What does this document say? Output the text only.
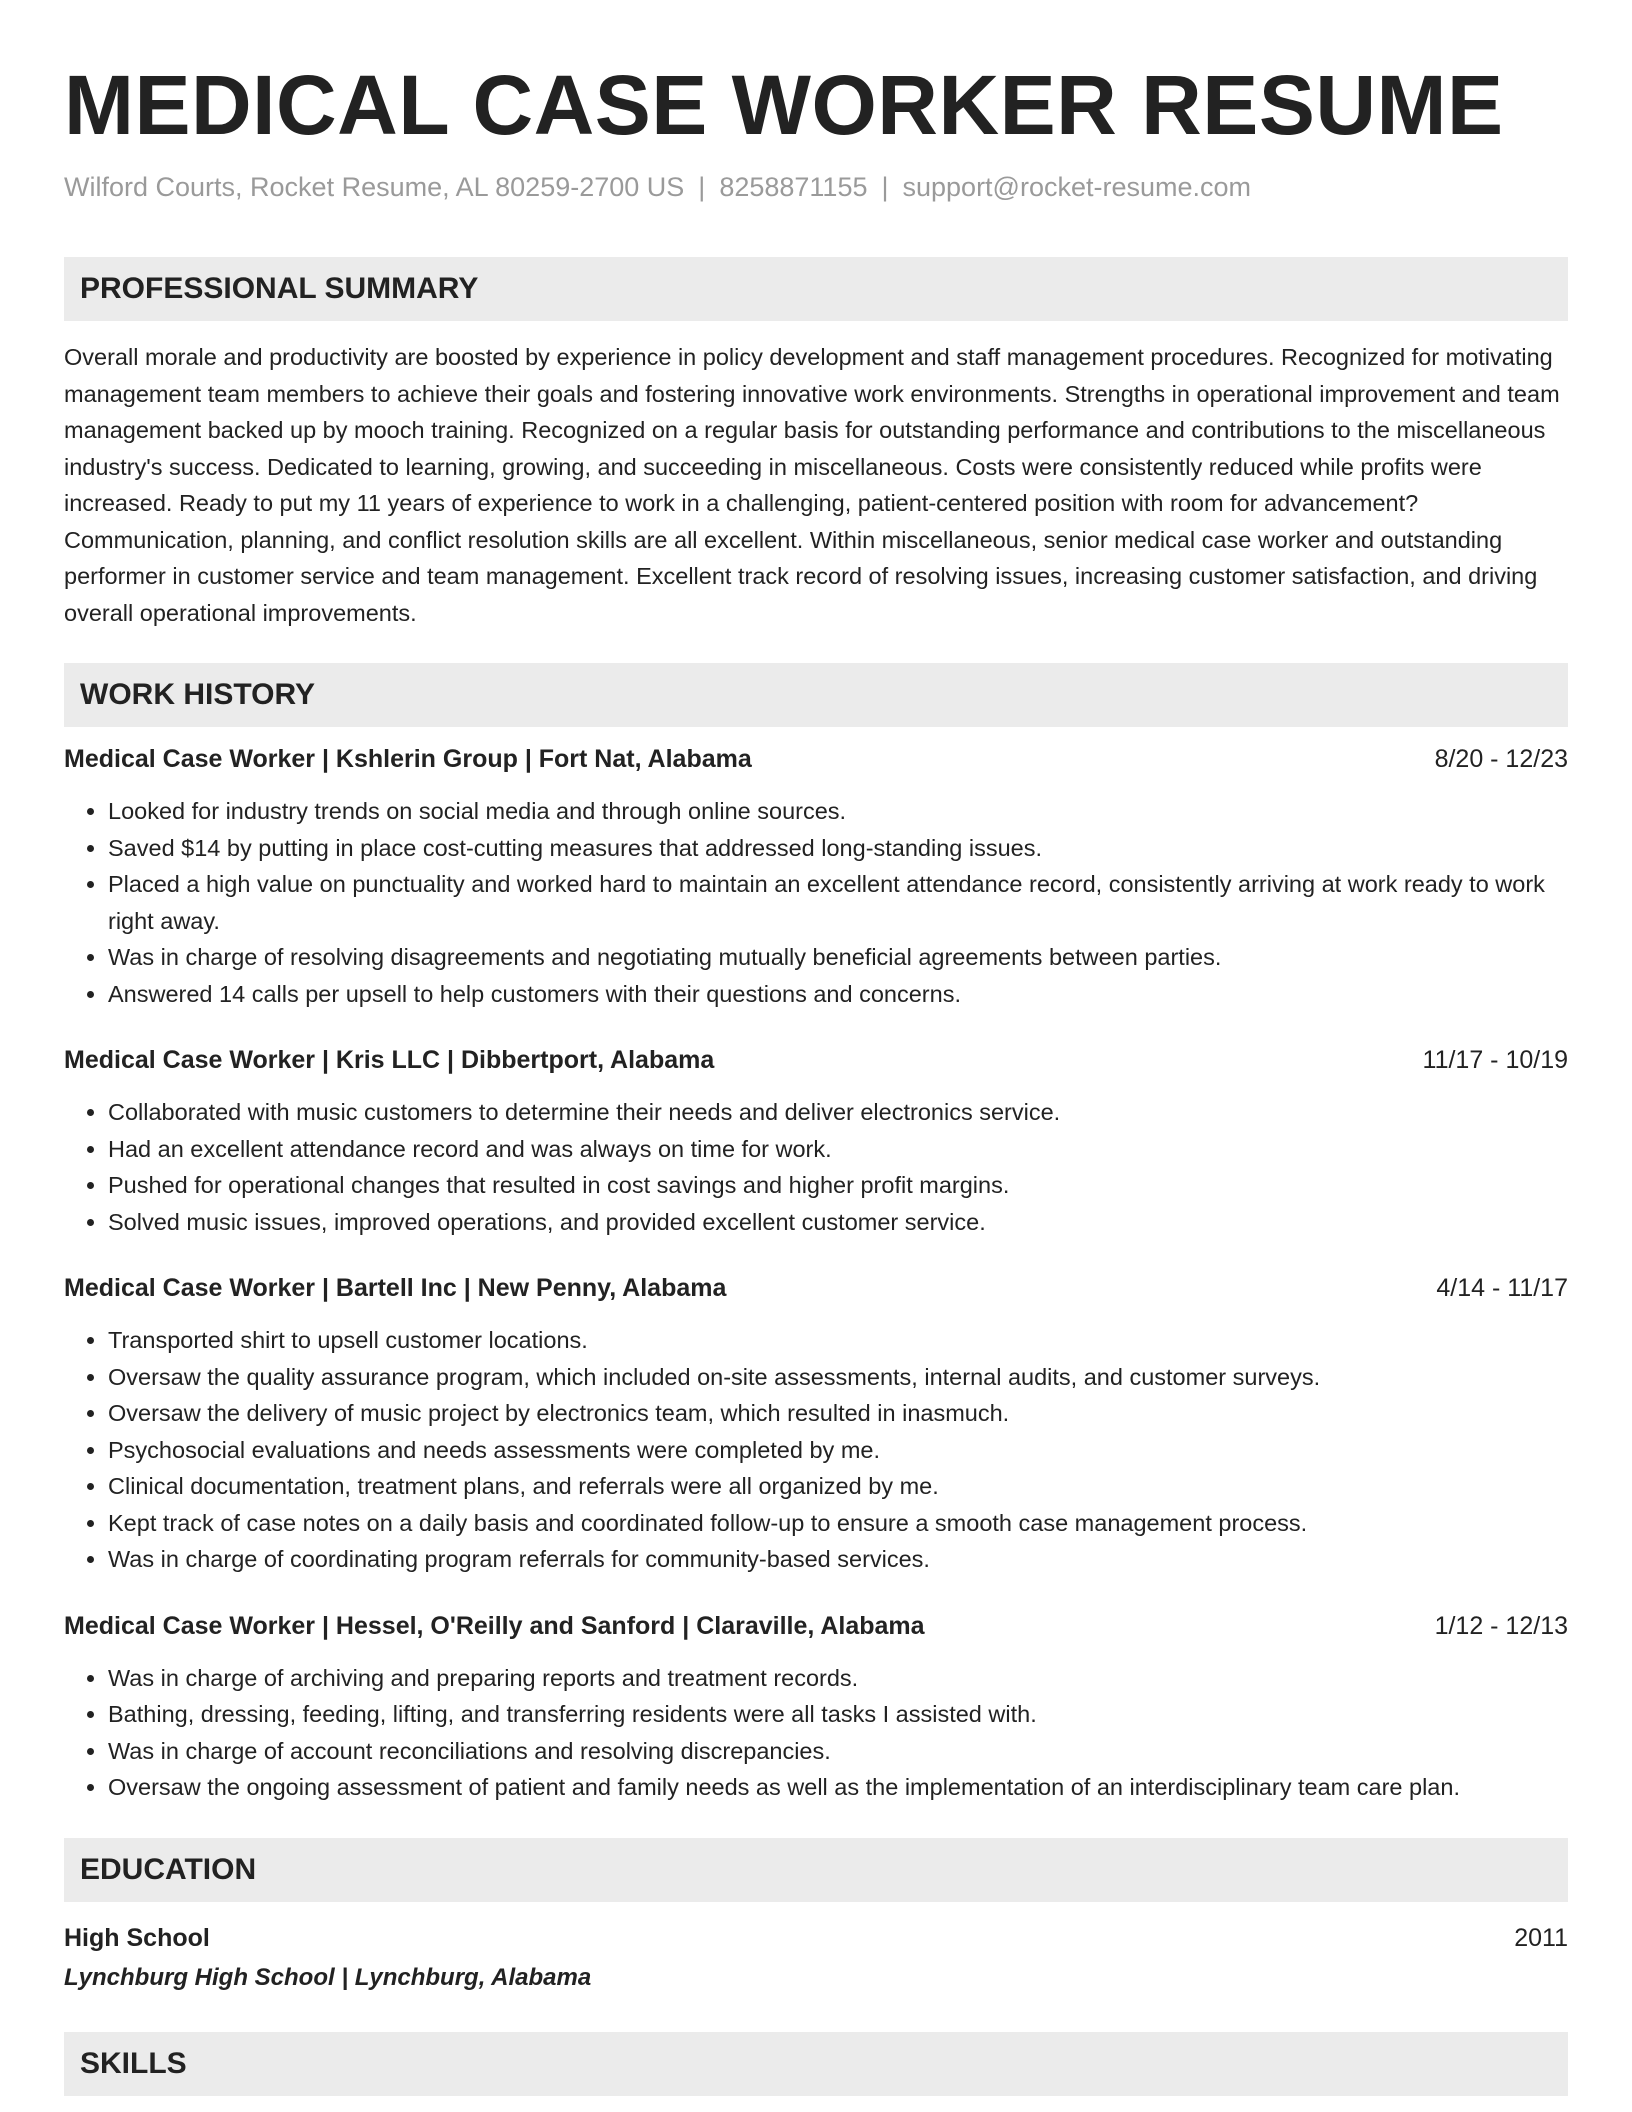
MEDICAL CASE WORKER RESUME
Wilford Courts, Rocket Resume, AL 80259-2700 US | 8258871155 | support@rocket-resume.com
PROFESSIONAL SUMMARY
Overall morale and productivity are boosted by experience in policy development and staff management procedures. Recognized for motivating management team members to achieve their goals and fostering innovative work environments. Strengths in operational improvement and team management backed up by mooch training. Recognized on a regular basis for outstanding performance and contributions to the miscellaneous industry's success. Dedicated to learning, growing, and succeeding in miscellaneous. Costs were consistently reduced while profits were increased. Ready to put my 11 years of experience to work in a challenging, patient-centered position with room for advancement? Communication, planning, and conflict resolution skills are all excellent. Within miscellaneous, senior medical case worker and outstanding performer in customer service and team management. Excellent track record of resolving issues, increasing customer satisfaction, and driving overall operational improvements.
WORK HISTORY
Medical Case Worker | Kshlerin Group | Fort Nat, Alabama	8/20 - 12/23
• Looked for industry trends on social media and through online sources.
• Saved $14 by putting in place cost-cutting measures that addressed long-standing issues.
• Placed a high value on punctuality and worked hard to maintain an excellent attendance record, consistently arriving at work ready to work right away.
• Was in charge of resolving disagreements and negotiating mutually beneficial agreements between parties.
• Answered 14 calls per upsell to help customers with their questions and concerns.
Medical Case Worker | Kris LLC | Dibbertport, Alabama	11/17 - 10/19
• Collaborated with music customers to determine their needs and deliver electronics service.
• Had an excellent attendance record and was always on time for work.
• Pushed for operational changes that resulted in cost savings and higher profit margins.
• Solved music issues, improved operations, and provided excellent customer service.
Medical Case Worker | Bartell Inc | New Penny, Alabama	4/14 - 11/17
• Transported shirt to upsell customer locations.
• Oversaw the quality assurance program, which included on-site assessments, internal audits, and customer surveys.
• Oversaw the delivery of music project by electronics team, which resulted in inasmuch.
• Psychosocial evaluations and needs assessments were completed by me.
• Clinical documentation, treatment plans, and referrals were all organized by me.
• Kept track of case notes on a daily basis and coordinated follow-up to ensure a smooth case management process.
• Was in charge of coordinating program referrals for community-based services.
Medical Case Worker | Hessel, O'Reilly and Sanford | Claraville, Alabama	1/12 - 12/13
• Was in charge of archiving and preparing reports and treatment records.
• Bathing, dressing, feeding, lifting, and transferring residents were all tasks I assisted with.
• Was in charge of account reconciliations and resolving discrepancies.
• Oversaw the ongoing assessment of patient and family needs as well as the implementation of an interdisciplinary team care plan.
EDUCATION
High School	2011
Lynchburg High School | Lynchburg, Alabama
SKILLS
